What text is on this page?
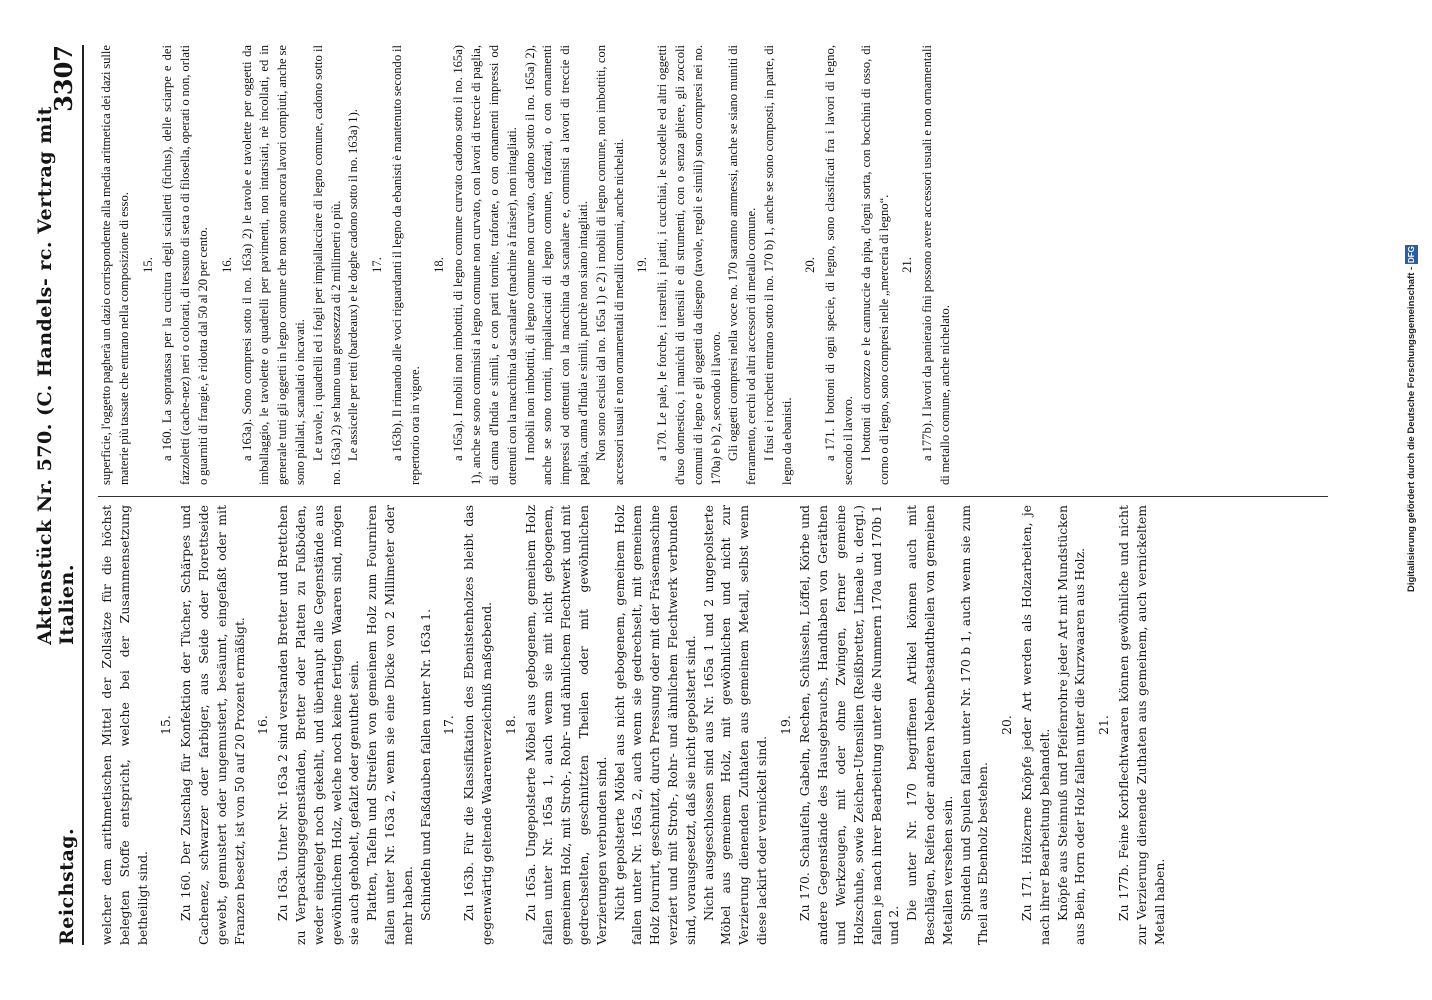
Reichstag.
Aktenstück Nr. 570. (C. Handels- rc. Vertrag mit Italien.
3307

welcher dem arithmetischen Mittel der Zollsätze für die höchst belegten Stoffe entspricht, welche bei der Zusammensetzung betheiligt sind.

15. Zu 160. Der Zuschlag für Konfektion der Tücher, Schärpes und Cachenez, schwarzer oder farbiger, aus Seide oder Florettseide gewebt, gemustert oder ungemustert, besäumt, eingefaßt oder mit Franzen besetzt, ist von 50 auf 20 Prozent ermäßigt. 16. Zu 163a. Unter Nr. 163a 2 sind verstanden Bretter und Brettchen zu Verpackungsgegenständen, Bretter oder Platten zu Fußböden, weder eingelegt noch gekehlt, und überhaupt alle Gegenstände aus gewöhnlichem Holz, welche noch keine fertigen Waaren sind, mögen sie auch gehobelt, gefalzt oder genuthet sein. Platten, Tafeln und Streifen von gemeinem Holz zum Fourniren fallen unter Nr. 163a 2, wenn sie eine Dicke von 2 Millimeter oder mehr haben. Schindeln und Faßdauben fallen unter Nr. 163a 1. 17. Zu 163b. Für die Klassifikation des Ebenistenholzes bleibt das gegenwärtig geltende Waarenverzeichniß maßgebend. 18. Zu 165a. Ungepolsterte Möbel aus gebogenem, gemeinem Holz fallen unter Nr. 165a 1, auch wenn sie mit nicht gebogenem, gemeinem Holz, mit Stroh-, Rohr- und ähnlichem Flechtwerk und mit gedrechselten, geschnitzten Theilen oder mit gewöhnlichen Verzierungen verbunden sind. Nicht gepolsterte Möbel aus nicht gebogenem, gemeinem Holz fallen unter Nr. 165a 2, auch wenn sie gedrechselt, mit gemeinem Holz fournirt, geschnitzt, durch Pressung oder mit der Fräsemaschine verziert und mit Stroh-, Rohr- und ähnlichem Flechtwerk verbunden sind, vorausgesetzt, daß sie nicht gepolstert sind. Nicht ausgeschlossen sind aus Nr. 165a 1 und 2 ungepolsterte Möbel aus gemeinem Holz, mit gewöhnlichen und nicht zur Verzierung dienenden Zuthaten aus gemeinem Metall, selbst wenn diese lackirt oder vernickelt sind.

19. Zu 170. Schaufeln, Gabeln, Rechen, Schüsseln, Löffel, Körbe und andere Gegenstände des Hausgebrauchs, Handhaben von Geräthen und Werkzeugen, mit oder ohne Zwingen, ferner gemeine Holzschuhe, sowie Zeichen-Utensilien (Reißbretter, Lineale u. dergl.) fallen je nach ihrer Bearbeitung unter die Nummern 170a und 170b 1 und 2.

Die unter Nr. 170 begriffenen Artikel können auch mit Beschlägen, Reifen oder anderen Nebenbestandtheilen von gemeinen Metallen versehen sein. Spindeln und Spulen fallen unter Nr. 170 b 1, auch wenn sie zum Theil aus Ebenholz bestehen.

20. Zu 171. Hölzerne Knöpfe jeder Art werden als Holzarbeiten, je nach ihrer Bearbeitung behandelt. Knöpfe aus Steinnuß und Pfeifenrohre jeder Art mit Mundstücken aus Bein, Horn oder Holz fallen unter die Kurzwaaren aus Holz. 21. Zu 177b. Feine Korbflechtwaaren können gewöhnliche und nicht zur Verzierung dienende Zuthaten aus gemeinem, auch vernickeltem Metall haben.

superficie, l'oggetto pagherà un dazio corrispondente alla media aritmetica dei dazi sulle materie più tassate che entrano nella composizione di esso. 15. a 160. La sopratassa per la cucitura degli scialletti (fichus), delle sciarpe e dei fazzoletti (cache-nez) neri o colorati, di tessuto di seta o di filosella, operati o non, orlati o guarniti di frangie, è ridotta dal 50 al 20 per cento. 16. a 163a). Sono compresi sotto il no. 163a) 2) le tavole e tavolette per oggetti da imballaggio, le tavolette o quadrelli per pavimenti, non intarsiati, nè incollati, ed in generale tutti gli oggetti in legno comune che non sono ancora lavori compiuti, anche se sono piallati, scanalati o incavati. Le tavole, i quadrelli ed i fogli per impiallacciare di legno comune, cadono sotto il no. 163a) 2) se hanno una grossezza di 2 millimetri o più. Le assicelle per tetti (bardeaux) e le doghe cadono sotto il no. 163a) 1). 17. a 163b). Il rimando alle voci riguardanti il legno da ebanisti è mantenuto secondo il repertorio ora in vigore.

18. a 165a). I mobili non imbottiti, di legno comune curvato cadono sotto il no. 165a) 1), anche se sono commisti a legno comune non curvato, con lavori di treccie di paglia, di canna d'India e simili, e con parti tornite, traforate, o con ornamenti impressi od ottenuti con la macchina da scanalare (machine à fraiser), non intagliati. I mobili non imbottiti, di legno comune non curvato, cadono sotto il no. 165a) 2), anche se sono torniti, impiallacciati di legno comune, traforati, o con ornamenti impressi od ottenuti con la macchina da scanalare e, commisti a lavori di treccie di paglia, canna d'India e simili, purchè non siano intagliati. Non sono esclusi dal no. 165a 1) e 2) i mobili di legno comune, non imbottiti, con accessori usuali e non ornamentali di metalli comuni, anche nichelati. 19. a 170. Le pale, le forche, i rastrelli, i piatti, i cucchiai, le scodelle ed altri oggetti d'uso domestico, i manichi di utensili e di strumenti, con o senza ghiere, gli zoccoli comuni di legno e gli oggetti da disegno (tavole, regoli e simili) sono compresi nei no. 170a) e b) 2, secondo il lavoro. Gli oggetti compresi nella voce no. 170 saranno ammessi, anche se siano muniti di ferramento, cerchi od altri accessori di metallo comune. I fusi e i rocchetti entrano sotto il no. 170 b) 1, anche se sono composti, in parte, di legno da ebanisti.

20. a 171. I bottoni di ogni specie, di legno, sono classificati fra i lavori di legno, secondo il lavoro. I bottoni di corozzo e le cannuccie da pipa, d'ogni sorta, con bocchini di osso, di corno o di legno, sono compresi nelle „merceria di legno“. 21. a 177b). I lavori da panieraio fini possono avere accessori usuali e non ornamentali di metallo comune, anche nichelato.	Digitalisierung gefördert durch die Deutsche Forschungsgemeinschaft - DFG
